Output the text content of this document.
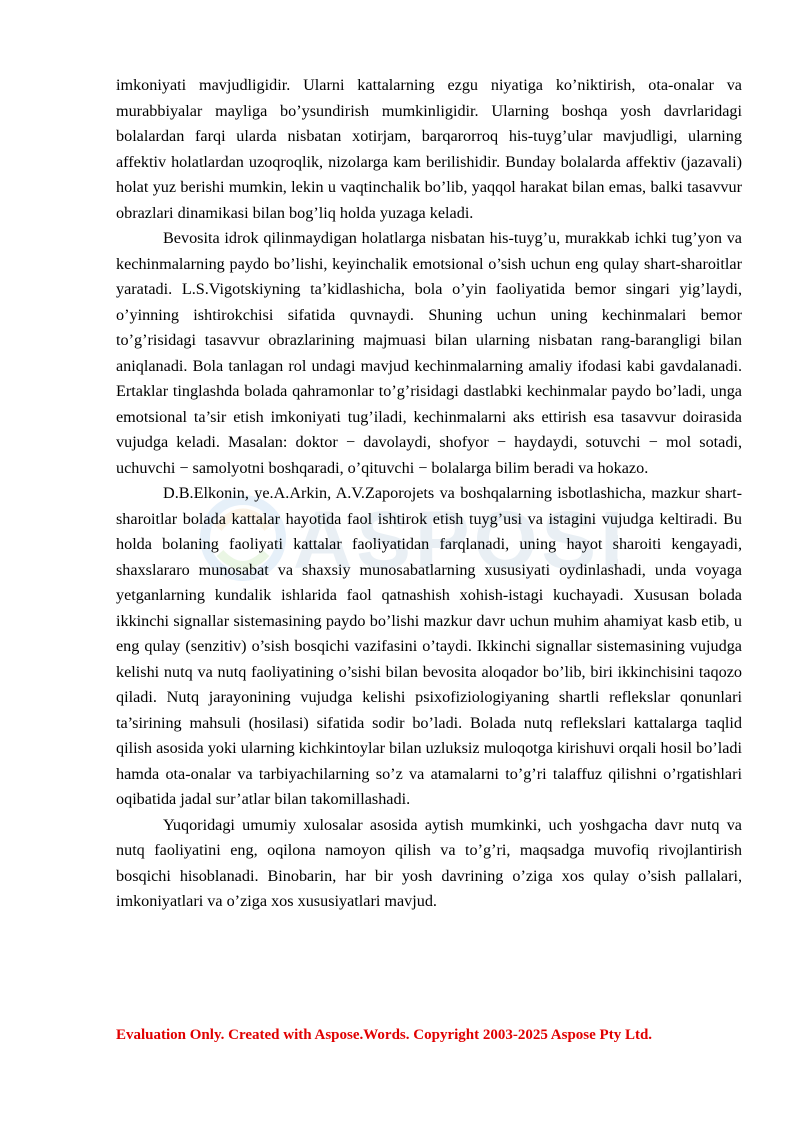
ASPOS

imkoniyati mavjudligidir. Ularni kattalarning ezgu niyatiga ko’niktirish, ota-onalar va murabbiyalar mayliga bo’ysundirish mumkinligidir. Ularning boshqa yosh davrlaridagi bolalardan farqi ularda nisbatan xotirjam, barqarorroq his-tuyg’ular mavjudligi, ularning affektiv holatlardan uzoqroqlik, nizolarga kam berilishidir. Bunday bolalarda affektiv (jazavali) holat yuz berishi mumkin, lekin u vaqtinchalik bo’lib, yaqqol harakat bilan emas, balki tasavvur obrazlari dinamikasi bilan bog’liq holda yuzaga keladi.

Bevosita idrok qilinmaydigan holatlarga nisbatan his-tuyg’u, murakkab ichki tug’yon va kechinmalarning paydo bo’lishi, keyinchalik emotsional o’sish uchun eng qulay shart-sharoitlar yaratadi. L.S.Vigotskiyning ta’kidlashicha, bola o’yin faoliyatida bemor singari yig’laydi, o’yinning ishtirokchisi sifatida quvnaydi. Shuning uchun uning kechinmalari bemor to’g’risidagi tasavvur obrazlarining majmuasi bilan ularning nisbatan rang-barangligi bilan aniqlanadi. Bola tanlagan rol undagi mavjud kechinmalarning amaliy ifodasi kabi gavdalanadi. Ertaklar tinglashda bolada qahramonlar to’g’risidagi dastlabki kechinmalar paydo bo’ladi, unga emotsional ta’sir etish imkoniyati tug’iladi, kechinmalarni aks ettirish esa tasavvur doirasida vujudga keladi. Masalan: doktor − davolaydi, shofyor − haydaydi, sotuvchi − mol sotadi, uchuvchi − samolyotni boshqaradi, o’qituvchi − bolalarga bilim beradi va hokazo.

D.B.Elkonin, ye.A.Arkin, A.V.Zaporojets va boshqalarning isbotlashicha, mazkur shart-sharoitlar bolada kattalar hayotida faol ishtirok etish tuyg’usi va istagini vujudga keltiradi. Bu holda bolaning faoliyati kattalar faoliyatidan farqlanadi, uning hayot sharoiti kengayadi, shaxslararo munosabat va shaxsiy munosabatlarning xususiyati oydinlashadi, unda voyaga yetganlarning kundalik ishlarida faol qatnashish xohish-istagi kuchayadi. Xususan bolada ikkinchi signallar sistemasining paydo bo’lishi mazkur davr uchun muhim ahamiyat kasb etib, u eng qulay (senzitiv) o’sish bosqichi vazifasini o’taydi. Ikkinchi signallar sistemasining vujudga kelishi nutq va nutq faoliyatining o’sishi bilan bevosita aloqador bo’lib, biri ikkinchisini taqozo qiladi. Nutq jarayonining vujudga kelishi psixofiziologiyaning shartli reflekslar qonunlari ta’sirining mahsuli (hosilasi) sifatida sodir bo’ladi. Bolada nutq reflekslari kattalarga taqlid qilish asosida yoki ularning kichkintoylar bilan uzluksiz muloqotga kirishuvi orqali hosil bo’ladi hamda ota-onalar va tarbiyachilarning so’z va atamalarni to’g’ri talaffuz qilishni o’rgatishlari oqibatida jadal sur’atlar bilan takomillashadi.

Yuqoridagi umumiy xulosalar asosida aytish mumkinki, uch yoshgacha davr nutq va nutq faoliyatini eng, oqilona namoyon qilish va to’g’ri, maqsadga muvofiq rivojlantirish bosqichi hisoblanadi. Binobarin, har bir yosh davrining o’ziga xos qulay o’sish pallalari, imkoniyatlari va o’ziga xos xususiyatlari mavjud.

Evaluation Only. Created with Aspose.Words. Copyright 2003-2025 Aspose Pty Ltd.
